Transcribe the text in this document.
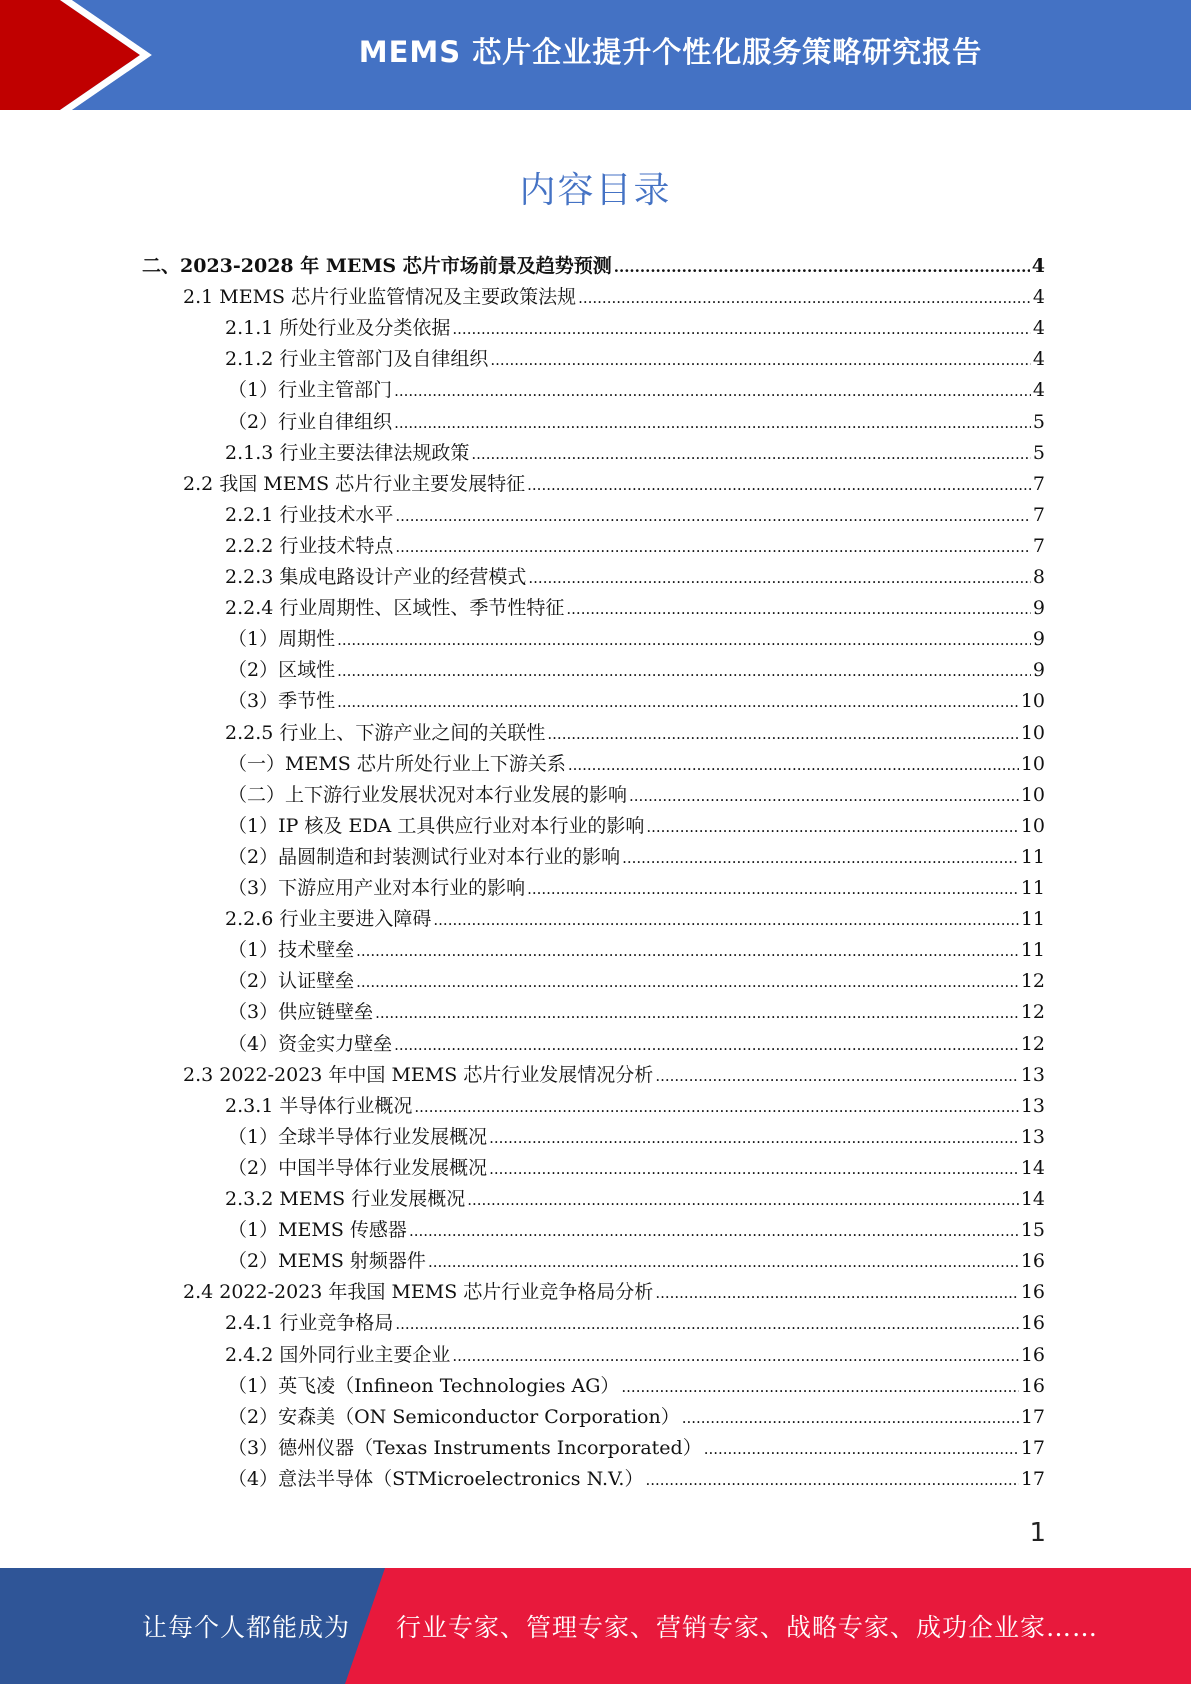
MEMS 芯片企业提升个性化服务策略研究报告
内容目录
二、2023-2028 年 MEMS 芯片市场前景及趋势预测 .....	4
2.1 MEMS 芯片行业监管情况及主要政策法规 .....	4
2.1.1 所处行业及分类依据 .....	4
2.1.2 行业主管部门及自律组织 .....	4
（1）行业主管部门 .....	4
（2）行业自律组织 .....	5
2.1.3 行业主要法律法规政策 .....	5
2.2 我国 MEMS 芯片行业主要发展特征 .....	7
2.2.1 行业技术水平 .....	7
2.2.2 行业技术特点 .....	7
2.2.3 集成电路设计产业的经营模式 .....	8
2.2.4 行业周期性、区域性、季节性特征 .....	9
（1）周期性 .....	9
（2）区域性 .....	9
（3）季节性 .....	10
2.2.5 行业上、下游产业之间的关联性 .....	10
（一）MEMS 芯片所处行业上下游关系 .....	10
（二）上下游行业发展状况对本行业发展的影响 .....	10
（1）IP 核及 EDA 工具供应行业对本行业的影响 .....	10
（2）晶圆制造和封装测试行业对本行业的影响 .....	11
（3）下游应用产业对本行业的影响 .....	11
2.2.6 行业主要进入障碍 .....	11
（1）技术壁垒 .....	11
（2）认证壁垒 .....	12
（3）供应链壁垒 .....	12
（4）资金实力壁垒 .....	12
2.3 2022-2023 年中国 MEMS 芯片行业发展情况分析 .....	13
2.3.1 半导体行业概况 .....	13
（1）全球半导体行业发展概况 .....	13
（2）中国半导体行业发展概况 .....	14
2.3.2 MEMS 行业发展概况 .....	14
（1）MEMS 传感器 .....	15
（2）MEMS 射频器件 .....	16
2.4 2022-2023 年我国 MEMS 芯片行业竞争格局分析 .....	16
2.4.1 行业竞争格局 .....	16
2.4.2 国外同行业主要企业 .....	16
（1）英飞凌（Infineon Technologies AG） .....	16
（2）安森美（ON Semiconductor Corporation） .....	17
（3）德州仪器（Texas Instruments Incorporated） .....	17
（4）意法半导体（STMicroelectronics N.V.） .....	17
1
让每个人都能成为 行业专家、管理专家、营销专家、战略专家、成功企业家……
